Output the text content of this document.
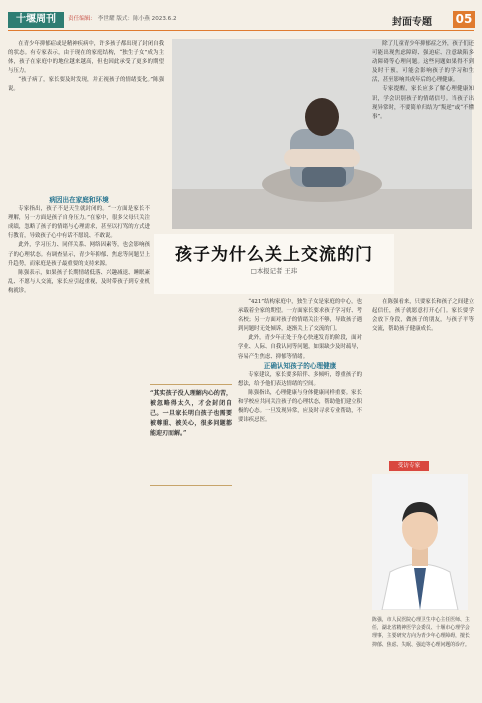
十堰周刊	责任编辑： 李世耀 版式：陈小燕 2023.6.2	封面专题 05

在青少年抑郁症或是精神疾病中，许多孩子都出现了封闭自我的状态。有专家表示，由于现在的家庭结构，“独生子女”成为主体，孩子在家庭中的地位越来越高，但也因此承受了更多的期望与压力。

“孩子病了，家长要及时发现，并正视孩子的情绪变化。”陈强说。

病因出在家庭和环境

专家指出，孩子不是天生就封闭的。“一方面是家长不理解，另一方面是孩子自身压力。”在家中，很多父母只关注成绩，忽略了孩子的情绪与心理需求，甚至以打骂的方式进行教育，导致孩子心中有话不愿说、不敢说。

此外，学习压力、同伴关系、网络因素等，也会影响孩子的心理状态。有调查显示，青少年抑郁、焦虑等问题呈上升趋势，而家庭是孩子最重要的支持来源。

陈强表示，如果孩子长期情绪低落、兴趣减退、睡眠紊乱、不愿与人交流，家长应引起重视，及时带孩子到专业机构就诊。

孩子为什么关上交流的门
□本报记者 王玮
“其实孩子没人理解内心的苦，被忽略得太久，才会封闭自己。一旦家长明白孩子也需要被尊重、被关心，很多问题都能迎刃而解。”

“421”结构家庭中，独生子女是家庭的中心，也承载着全家的期望。一方面家长要求孩子学习好、考名校；另一方面对孩子的情绪关注不够，导致孩子遇到问题时无处倾诉，逐渐关上了交流的门。

此外，青少年正处于身心快速发育的阶段，面对学业、人际、自我认同等问题，如果缺少及时疏导，容易产生焦虑、抑郁等情绪。

正确认知孩子的心理健康

专家建议，家长要多陪伴、多倾听，尊重孩子的想法，给予他们表达情绪的空间。

陈强指出，心理健康与身体健康同样重要。家长和学校应共同关注孩子的心理状态，帮助他们建立积极的心态。一旦发现异常，应及时寻求专业帮助，不要讳疾忌医。

除了儿童青少年抑郁症之外，孩子们还可能出现焦虑障碍、强迫症、注意缺陷多动障碍等心理问题。这些问题如果得不到及时干预，可能会影响孩子的学习和生活，甚至影响其成年后的心理健康。

专家提醒，家长应多了解心理健康知识，学会识别孩子的情绪信号。当孩子出现异常时，不要简单归结为“叛逆”或“不懂事”。

在陈强看来，只要家长和孩子之间建立起信任，孩子就愿意打开心门。家长要学会放下身段，做孩子的朋友，与孩子平等交流，帮助孩子健康成长。

受访专家
陈强，市人民医院心理卫生中心主任医师、主任，湖北省精神医学会委员、十堰市心理学会理事，主要研究方向为青少年心理障碍，擅长抑郁、焦虑、失眠、强迫等心理问题的诊疗。
